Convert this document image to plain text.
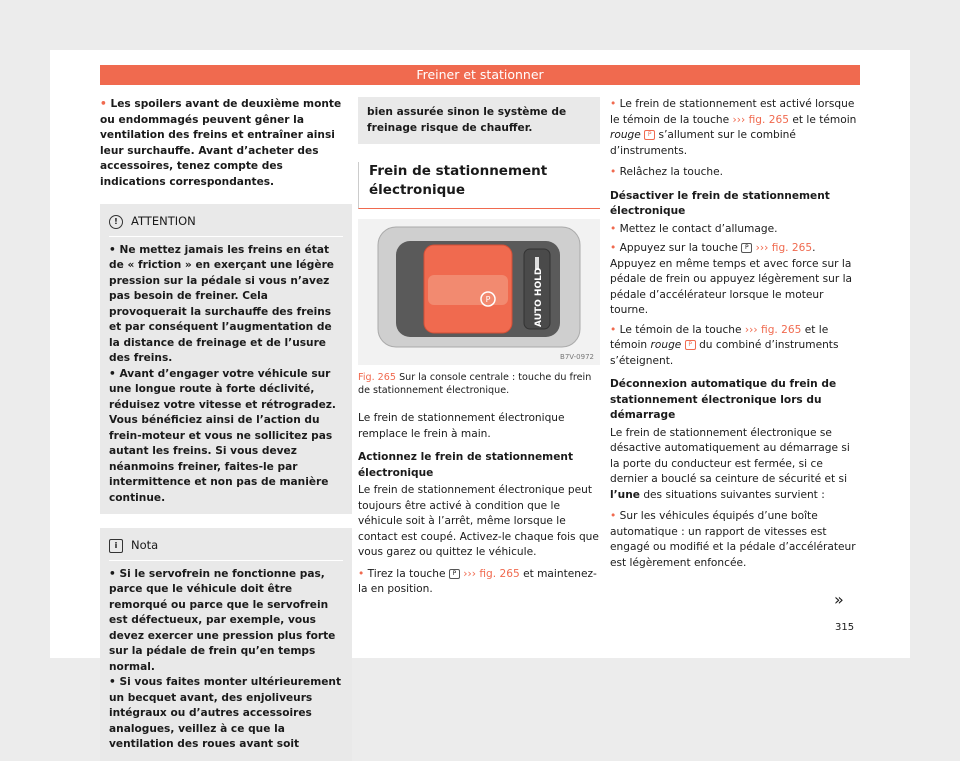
Freiner et stationner

• Les spoilers avant de deuxième monte ou endommagés peuvent gêner la ventilation des freins et entraîner ainsi leur surchauffe. Avant d’acheter des accessoires, tenez compte des indications correspondantes.

!	ATTENTION

• Ne mettez jamais les freins en état de « friction » en exerçant une légère pression sur la pédale si vous n’avez pas besoin de freiner. Cela provoquerait la surchauffe des freins et par conséquent l’augmentation de la distance de freinage et de l’usure des freins.

• Avant d’engager votre véhicule sur une longue route à forte déclivité, réduisez votre vitesse et rétrogradez. Vous bénéficiez ainsi de l’action du frein-moteur et vous ne sollicitez pas autant les freins. Si vous devez néanmoins freiner, faites-le par intermittence et non pas de manière continue.

i	Nota

• Si le servofrein ne fonctionne pas, parce que le véhicule doit être remorqué ou parce que le servofrein est défectueux, par exemple, vous devez exercer une pression plus forte sur la pédale de frein qu’en temps normal.

• Si vous faites monter ultérieurement un becquet avant, des enjoliveurs intégraux ou d’autres accessoires analogues, veillez à ce que la ventilation des roues avant soit

bien assurée sinon le système de freinage risque de chauffer.
Frein de stationnement électronique
P	AUTO HOLD
B7V-0972
Fig. 265 Sur la console centrale : touche du frein de stationnement électronique.

Le frein de stationnement électronique remplace le frein à main.

Actionnez le frein de stationnement électronique

Le frein de stationnement électronique peut toujours être activé à condition que le véhicule soit à l’arrêt, même lorsque le contact est coupé. Activez-le chaque fois que vous garez ou quittez le véhicule.

• Tirez la touche P ››› fig. 265 et maintenez-la en position.

• Le frein de stationnement est activé lorsque le témoin de la touche ››› fig. 265 et le témoin rouge P s’allument sur le combiné d’instruments.

• Relâchez la touche.

Désactiver le frein de stationnement électronique

• Mettez le contact d’allumage.

• Appuyez sur la touche P ››› fig. 265. Appuyez en même temps et avec force sur la pédale de frein ou appuyez légèrement sur la pédale d’accélérateur lorsque le moteur tourne.

• Le témoin de la touche ››› fig. 265 et le témoin rouge P du combiné d’instruments s’éteignent.

Déconnexion automatique du frein de stationnement électronique lors du démarrage

Le frein de stationnement électronique se désactive automatiquement au démarrage si la porte du conducteur est fermée, si ce dernier a bouclé sa ceinture de sécurité et si l’une des situations suivantes survient :

• Sur les véhicules équipés d’une boîte automatique : un rapport de vitesses est engagé ou modifié et la pédale d’accélérateur est légèrement enfoncée.

»
315
